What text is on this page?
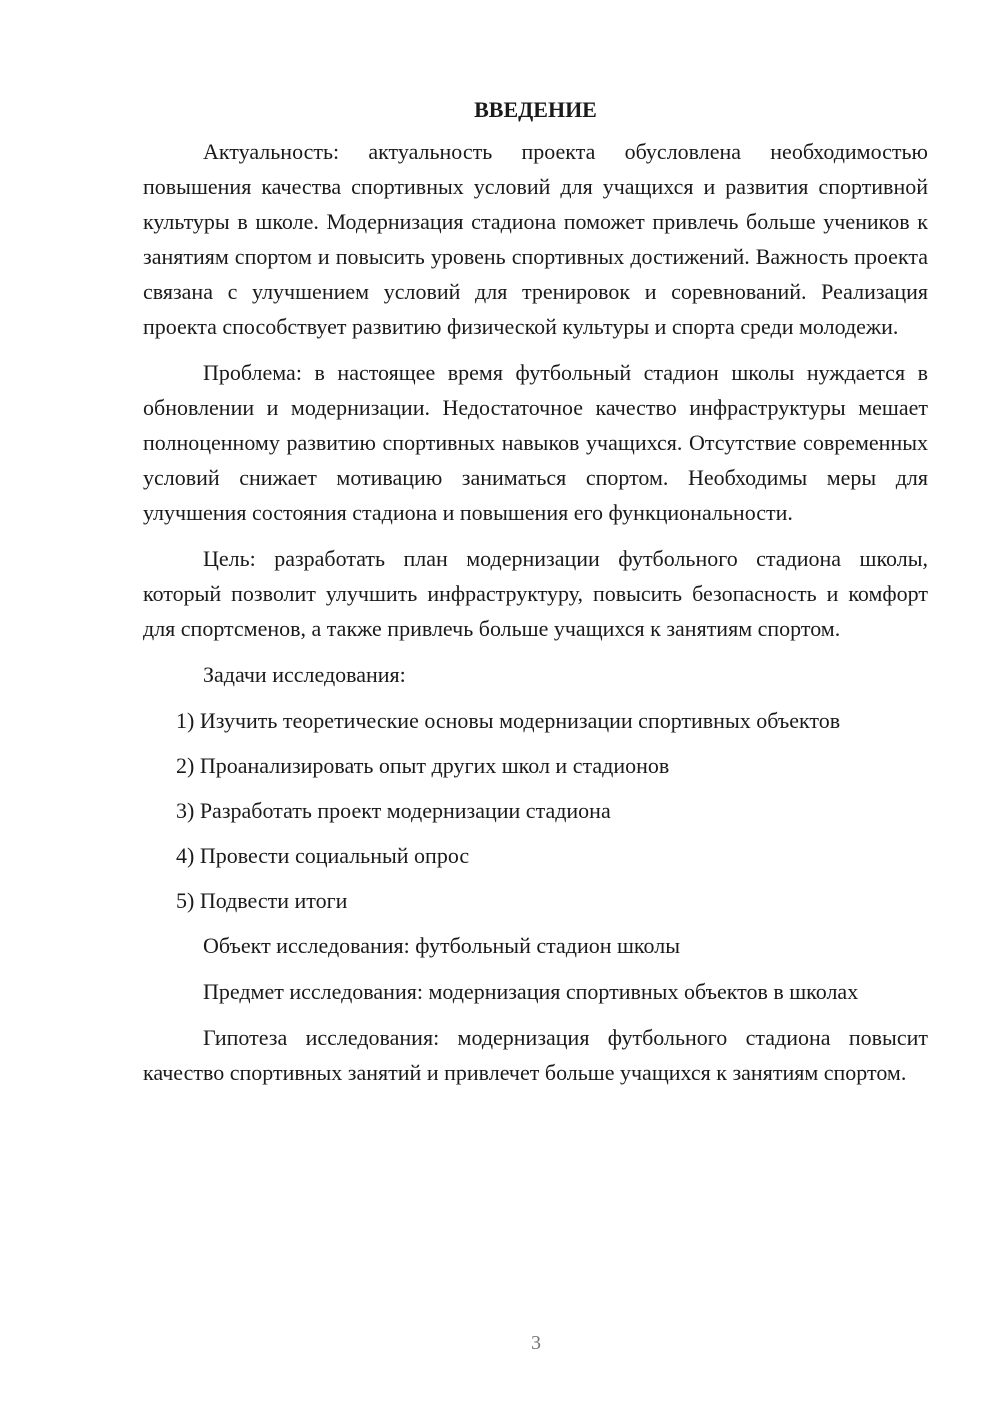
ВВЕДЕНИЕ

Актуальность: актуальность проекта обусловлена необходимостью повышения качества спортивных условий для учащихся и развития спортивной культуры в школе. Модернизация стадиона поможет привлечь больше учеников к занятиям спортом и повысить уровень спортивных достижений. Важность проекта связана с улучшением условий для тренировок и соревнований. Реализация проекта способствует развитию физической культуры и спорта среди молодежи.

Проблема: в настоящее время футбольный стадион школы нуждается в обновлении и модернизации. Недостаточное качество инфраструктуры мешает полноценному развитию спортивных навыков учащихся. Отсутствие современных условий снижает мотивацию заниматься спортом. Необходимы меры для улучшения состояния стадиона и повышения его функциональности.

Цель: разработать план модернизации футбольного стадиона школы, который позволит улучшить инфраструктуру, повысить безопасность и комфорт для спортсменов, а также привлечь больше учащихся к занятиям спортом.

Задачи исследования:

1) Изучить теоретические основы модернизации спортивных объектов
2) Проанализировать опыт других школ и стадионов
3) Разработать проект модернизации стадиона
4) Провести социальный опрос
5) Подвести итоги

Объект исследования: футбольный стадион школы

Предмет исследования: модернизация спортивных объектов в школах

Гипотеза исследования: модернизация футбольного стадиона повысит качество спортивных занятий и привлечет больше учащихся к занятиям спортом.

3
